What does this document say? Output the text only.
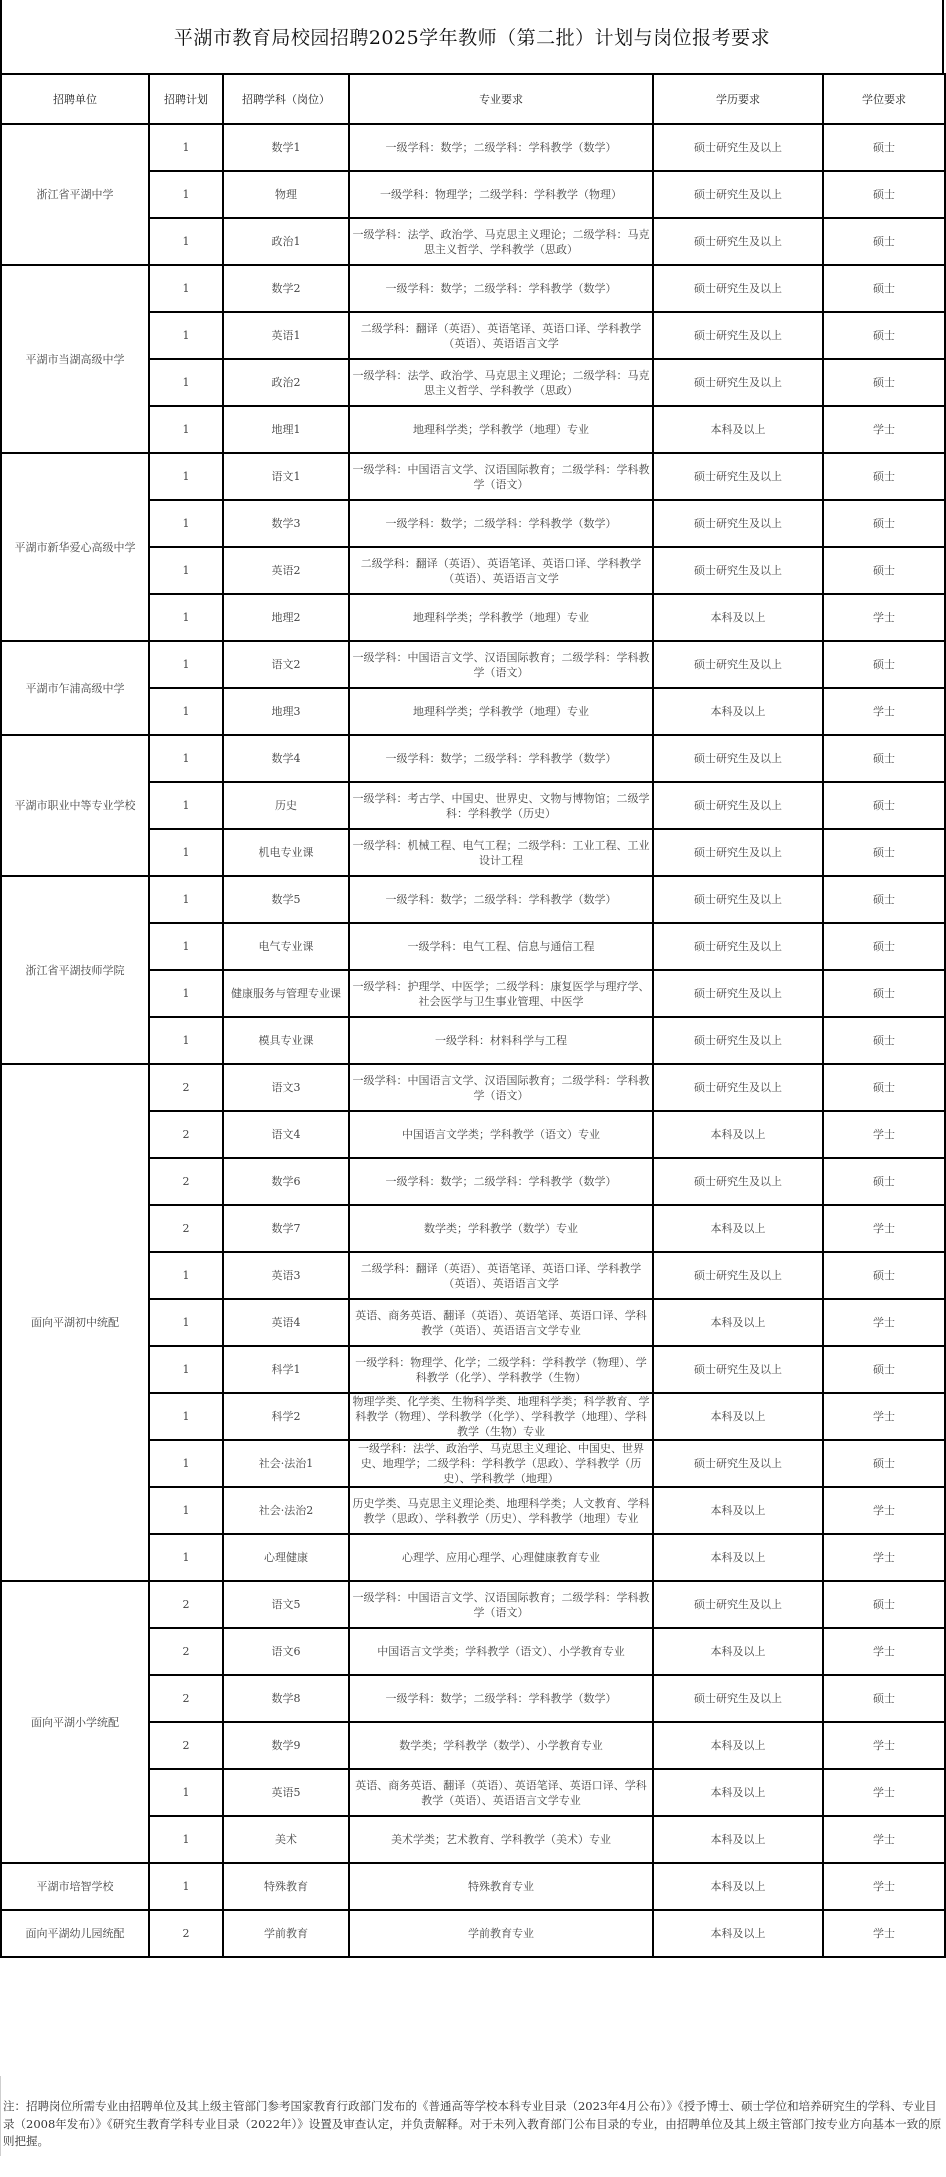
平湖市教育局校园招聘2025学年教师（第二批）计划与岗位报考要求
招聘单位	招聘计划	招聘学科（岗位）	专业要求	学历要求	学位要求
浙江省平湖中学	1	数学1	一级学科：数学；二级学科：学科教学（数学）	硕士研究生及以上	硕士
	1	物理	一级学科：物理学；二级学科：学科教学（物理）	硕士研究生及以上	硕士
	1	政治1	一级学科：法学、政治学、马克思主义理论；二级学科：马克思主义哲学、学科教学（思政）	硕士研究生及以上	硕士
平湖市当湖高级中学	1	数学2	一级学科：数学；二级学科：学科教学（数学）	硕士研究生及以上	硕士
	1	英语1	二级学科：翻译（英语）、英语笔译、英语口译、学科教学（英语）、英语语言文学	硕士研究生及以上	硕士
	1	政治2	一级学科：法学、政治学、马克思主义理论；二级学科：马克思主义哲学、学科教学（思政）	硕士研究生及以上	硕士
	1	地理1	地理科学类；学科教学（地理）专业	本科及以上	学士
平湖市新华爱心高级中学	1	语文1	一级学科：中国语言文学、汉语国际教育；二级学科：学科教学（语文）	硕士研究生及以上	硕士
	1	数学3	一级学科：数学；二级学科：学科教学（数学）	硕士研究生及以上	硕士
	1	英语2	二级学科：翻译（英语）、英语笔译、英语口译、学科教学（英语）、英语语言文学	硕士研究生及以上	硕士
	1	地理2	地理科学类；学科教学（地理）专业	本科及以上	学士
平湖市乍浦高级中学	1	语文2	一级学科：中国语言文学、汉语国际教育；二级学科：学科教学（语文）	硕士研究生及以上	硕士
	1	地理3	地理科学类；学科教学（地理）专业	本科及以上	学士
平湖市职业中等专业学校	1	数学4	一级学科：数学；二级学科：学科教学（数学）	硕士研究生及以上	硕士
	1	历史	一级学科：考古学、中国史、世界史、文物与博物馆；二级学科：学科教学（历史）	硕士研究生及以上	硕士
	1	机电专业课	一级学科：机械工程、电气工程；二级学科：工业工程、工业设计工程	硕士研究生及以上	硕士
浙江省平湖技师学院	1	数学5	一级学科：数学；二级学科：学科教学（数学）	硕士研究生及以上	硕士
	1	电气专业课	一级学科：电气工程、信息与通信工程	硕士研究生及以上	硕士
	1	健康服务与管理专业课	一级学科：护理学、中医学；二级学科：康复医学与理疗学、社会医学与卫生事业管理、中医学	硕士研究生及以上	硕士
	1	模具专业课	一级学科：材料科学与工程	硕士研究生及以上	硕士
面向平湖初中统配	2	语文3	一级学科：中国语言文学、汉语国际教育；二级学科：学科教学（语文）	硕士研究生及以上	硕士
	2	语文4	中国语言文学类；学科教学（语文）专业	本科及以上	学士
	2	数学6	一级学科：数学；二级学科：学科教学（数学）	硕士研究生及以上	硕士
	2	数学7	数学类；学科教学（数学）专业	本科及以上	学士
	1	英语3	二级学科：翻译（英语）、英语笔译、英语口译、学科教学（英语）、英语语言文学	硕士研究生及以上	硕士
	1	英语4	英语、商务英语、翻译（英语）、英语笔译、英语口译、学科教学（英语）、英语语言文学专业	本科及以上	学士
	1	科学1	一级学科：物理学、化学；二级学科：学科教学（物理）、学科教学（化学）、学科教学（生物）	硕士研究生及以上	硕士
	1	科学2	物理学类、化学类、生物科学类、地理科学类；科学教育、学科教学（物理）、学科教学（化学）、学科教学（地理）、学科教学（生物）专业	本科及以上	学士
	1	社会·法治1	一级学科：法学、政治学、马克思主义理论、中国史、世界史、地理学；二级学科：学科教学（思政）、学科教学（历史）、学科教学（地理）	硕士研究生及以上	硕士
	1	社会·法治2	历史学类、马克思主义理论类、地理科学类；人文教育、学科教学（思政）、学科教学（历史）、学科教学（地理）专业	本科及以上	学士
	1	心理健康	心理学、应用心理学、心理健康教育专业	本科及以上	学士
面向平湖小学统配	2	语文5	一级学科：中国语言文学、汉语国际教育；二级学科：学科教学（语文）	硕士研究生及以上	硕士
	2	语文6	中国语言文学类；学科教学（语文）、小学教育专业	本科及以上	学士
	2	数学8	一级学科：数学；二级学科：学科教学（数学）	硕士研究生及以上	硕士
	2	数学9	数学类；学科教学（数学）、小学教育专业	本科及以上	学士
	1	英语5	英语、商务英语、翻译（英语）、英语笔译、英语口译、学科教学（英语）、英语语言文学专业	本科及以上	学士
	1	美术	美术学类；艺术教育、学科教学（美术）专业	本科及以上	学士
平湖市培智学校	1	特殊教育	特殊教育专业	本科及以上	学士
面向平湖幼儿园统配	2	学前教育	学前教育专业	本科及以上	学士
注：招聘岗位所需专业由招聘单位及其上级主管部门参考国家教育行政部门发布的《普通高等学校本科专业目录（2023年4月公布）》《授予博士、硕士学位和培养研究生的学科、专业目录（2008年发布）》《研究生教育学科专业目录（2022年）》设置及审查认定，并负责解释。对于未列入教育部门公布目录的专业，由招聘单位及其上级主管部门按专业方向基本一致的原则把握。
